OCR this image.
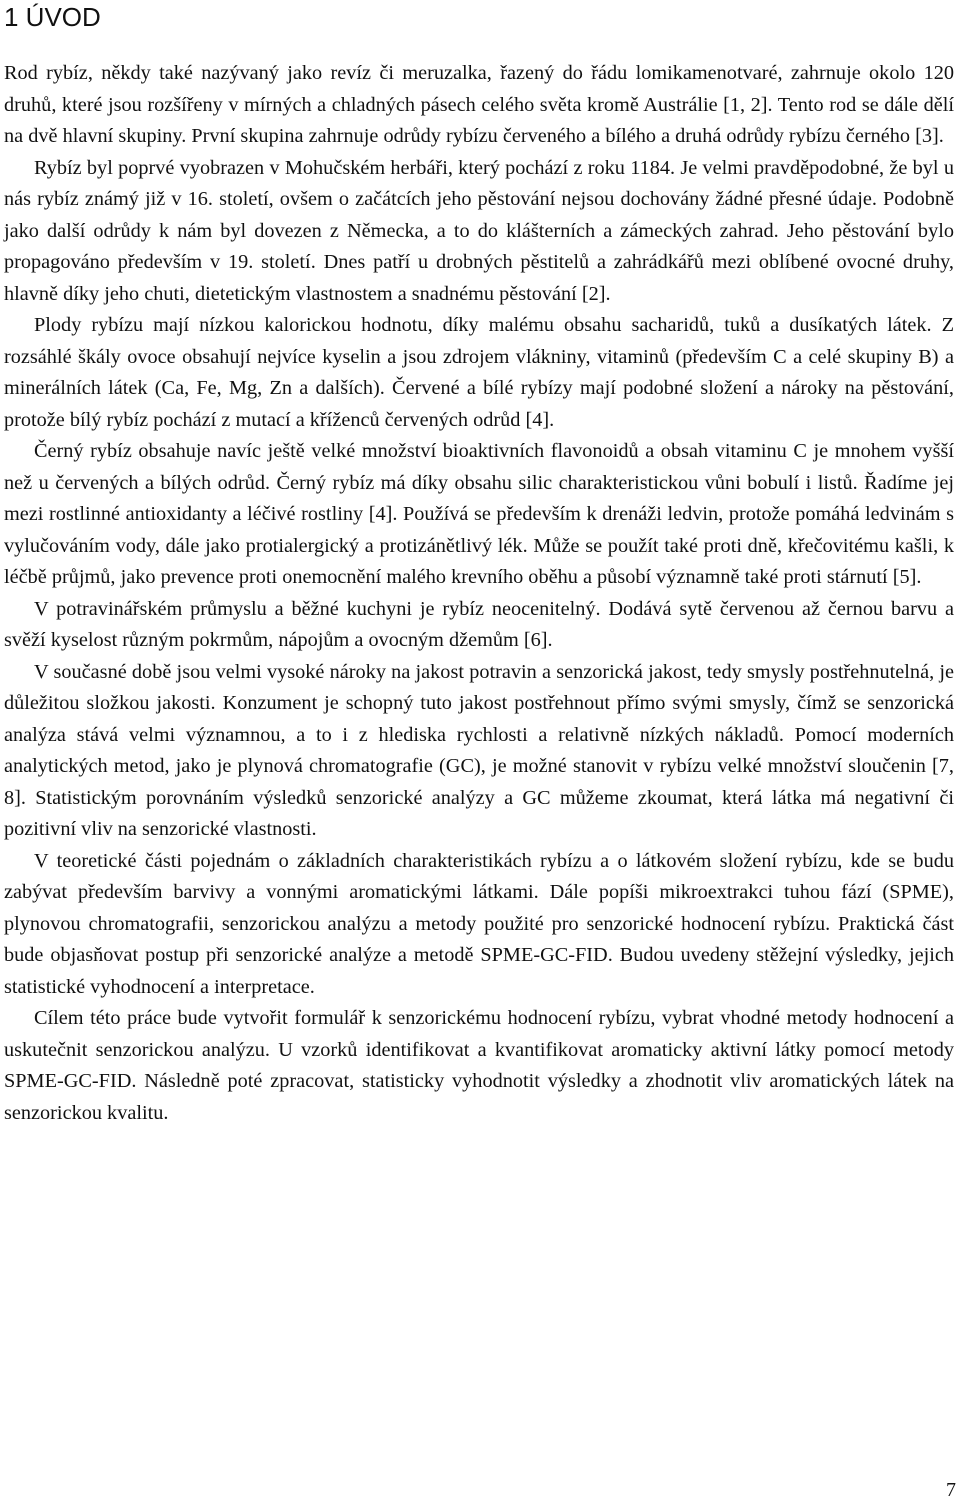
1 ÚVOD

Rod rybíz, někdy také nazývaný jako revíz či meruzalka, řazený do řádu lomikamenotvaré, zahrnuje okolo 120 druhů, které jsou rozšířeny v mírných a chladných pásech celého světa kromě Austrálie [1, 2]. Tento rod se dále dělí na dvě hlavní skupiny. První skupina zahrnuje odrůdy rybízu červeného a bílého a druhá odrůdy rybízu černého [3].

Rybíz byl poprvé vyobrazen v Mohučském herbáři, který pochází z roku 1184. Je velmi pravděpodobné, že byl u nás rybíz známý již v 16. století, ovšem o začátcích jeho pěstování nejsou dochovány žádné přesné údaje. Podobně jako další odrůdy k nám byl dovezen z Německa, a to do klášterních a zámeckých zahrad. Jeho pěstování bylo propagováno především v 19. století. Dnes patří u drobných pěstitelů a zahrádkářů mezi oblíbené ovocné druhy, hlavně díky jeho chuti, dietetickým vlastnostem a snadnému pěstování [2].

Plody rybízu mají nízkou kalorickou hodnotu, díky malému obsahu sacharidů, tuků a dusíkatých látek. Z rozsáhlé škály ovoce obsahují nejvíce kyselin a jsou zdrojem vlákniny, vitaminů (především C a celé skupiny B) a minerálních látek (Ca, Fe, Mg, Zn a dalších). Červené a bílé rybízy mají podobné složení a nároky na pěstování, protože bílý rybíz pochází z mutací a kříženců červených odrůd [4].

Černý rybíz obsahuje navíc ještě velké množství bioaktivních flavonoidů a obsah vitaminu C je mnohem vyšší než u červených a bílých odrůd. Černý rybíz má díky obsahu silic charakteristickou vůni bobulí i listů. Řadíme jej mezi rostlinné antioxidanty a léčivé rostliny [4]. Používá se především k drenáži ledvin, protože pomáhá ledvinám s vylučováním vody, dále jako protialergický a protizánětlivý lék. Může se použít také proti dně, křečovitému kašli, k léčbě průjmů, jako prevence proti onemocnění malého krevního oběhu a působí významně také proti stárnutí [5].

V potravinářském průmyslu a běžné kuchyni je rybíz neocenitelný. Dodává sytě červenou až černou barvu a svěží kyselost různým pokrmům, nápojům a ovocným džemům [6].

V současné době jsou velmi vysoké nároky na jakost potravin a senzorická jakost, tedy smysly postřehnutelná, je důležitou složkou jakosti. Konzument je schopný tuto jakost postřehnout přímo svými smysly, čímž se senzorická analýza stává velmi významnou, a to i z hlediska rychlosti a relativně nízkých nákladů. Pomocí moderních analytických metod, jako je plynová chromatografie (GC), je možné stanovit v rybízu velké množství sloučenin [7, 8]. Statistickým porovnáním výsledků senzorické analýzy a GC můžeme zkoumat, která látka má negativní či pozitivní vliv na senzorické vlastnosti.

V teoretické části pojednám o základních charakteristikách rybízu a o látkovém složení rybízu, kde se budu zabývat především barvivy a vonnými aromatickými látkami. Dále popíši mikroextrakci tuhou fází (SPME), plynovou chromatografii, senzorickou analýzu a metody použité pro senzorické hodnocení rybízu. Praktická část bude objasňovat postup při senzorické analýze a metodě SPME-GC-FID. Budou uvedeny stěžejní výsledky, jejich statistické vyhodnocení a interpretace.

Cílem této práce bude vytvořit formulář k senzorickému hodnocení rybízu, vybrat vhodné metody hodnocení a uskutečnit senzorickou analýzu. U vzorků identifikovat a kvantifikovat aromaticky aktivní látky pomocí metody SPME-GC-FID. Následně poté zpracovat, statisticky vyhodnotit výsledky a zhodnotit vliv aromatických látek na senzorickou kvalitu.

7
